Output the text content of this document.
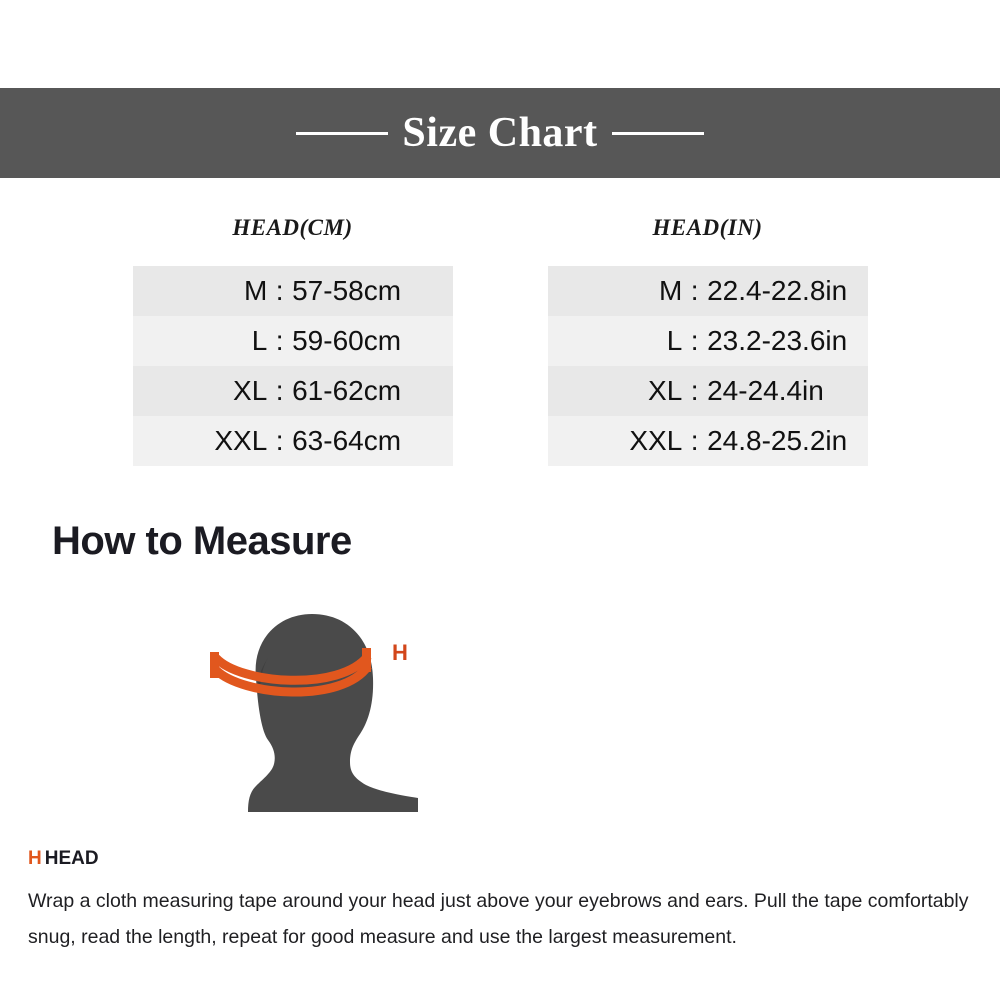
Size Chart
HEAD(CM)
M	:	57-58cm
L	:	59-60cm
XL	:	61-62cm
XXL	:	63-64cm
HEAD(IN)
M	:	22.4-22.8in
L	:	23.2-23.6in
XL	:	24-24.4in
XXL	:	24.8-25.2in
How to Measure
H
H HEAD
Wrap a cloth measuring tape around your head just above your eyebrows and ears. Pull the tape comfortably snug, read the length, repeat for good measure and use the largest measurement.
